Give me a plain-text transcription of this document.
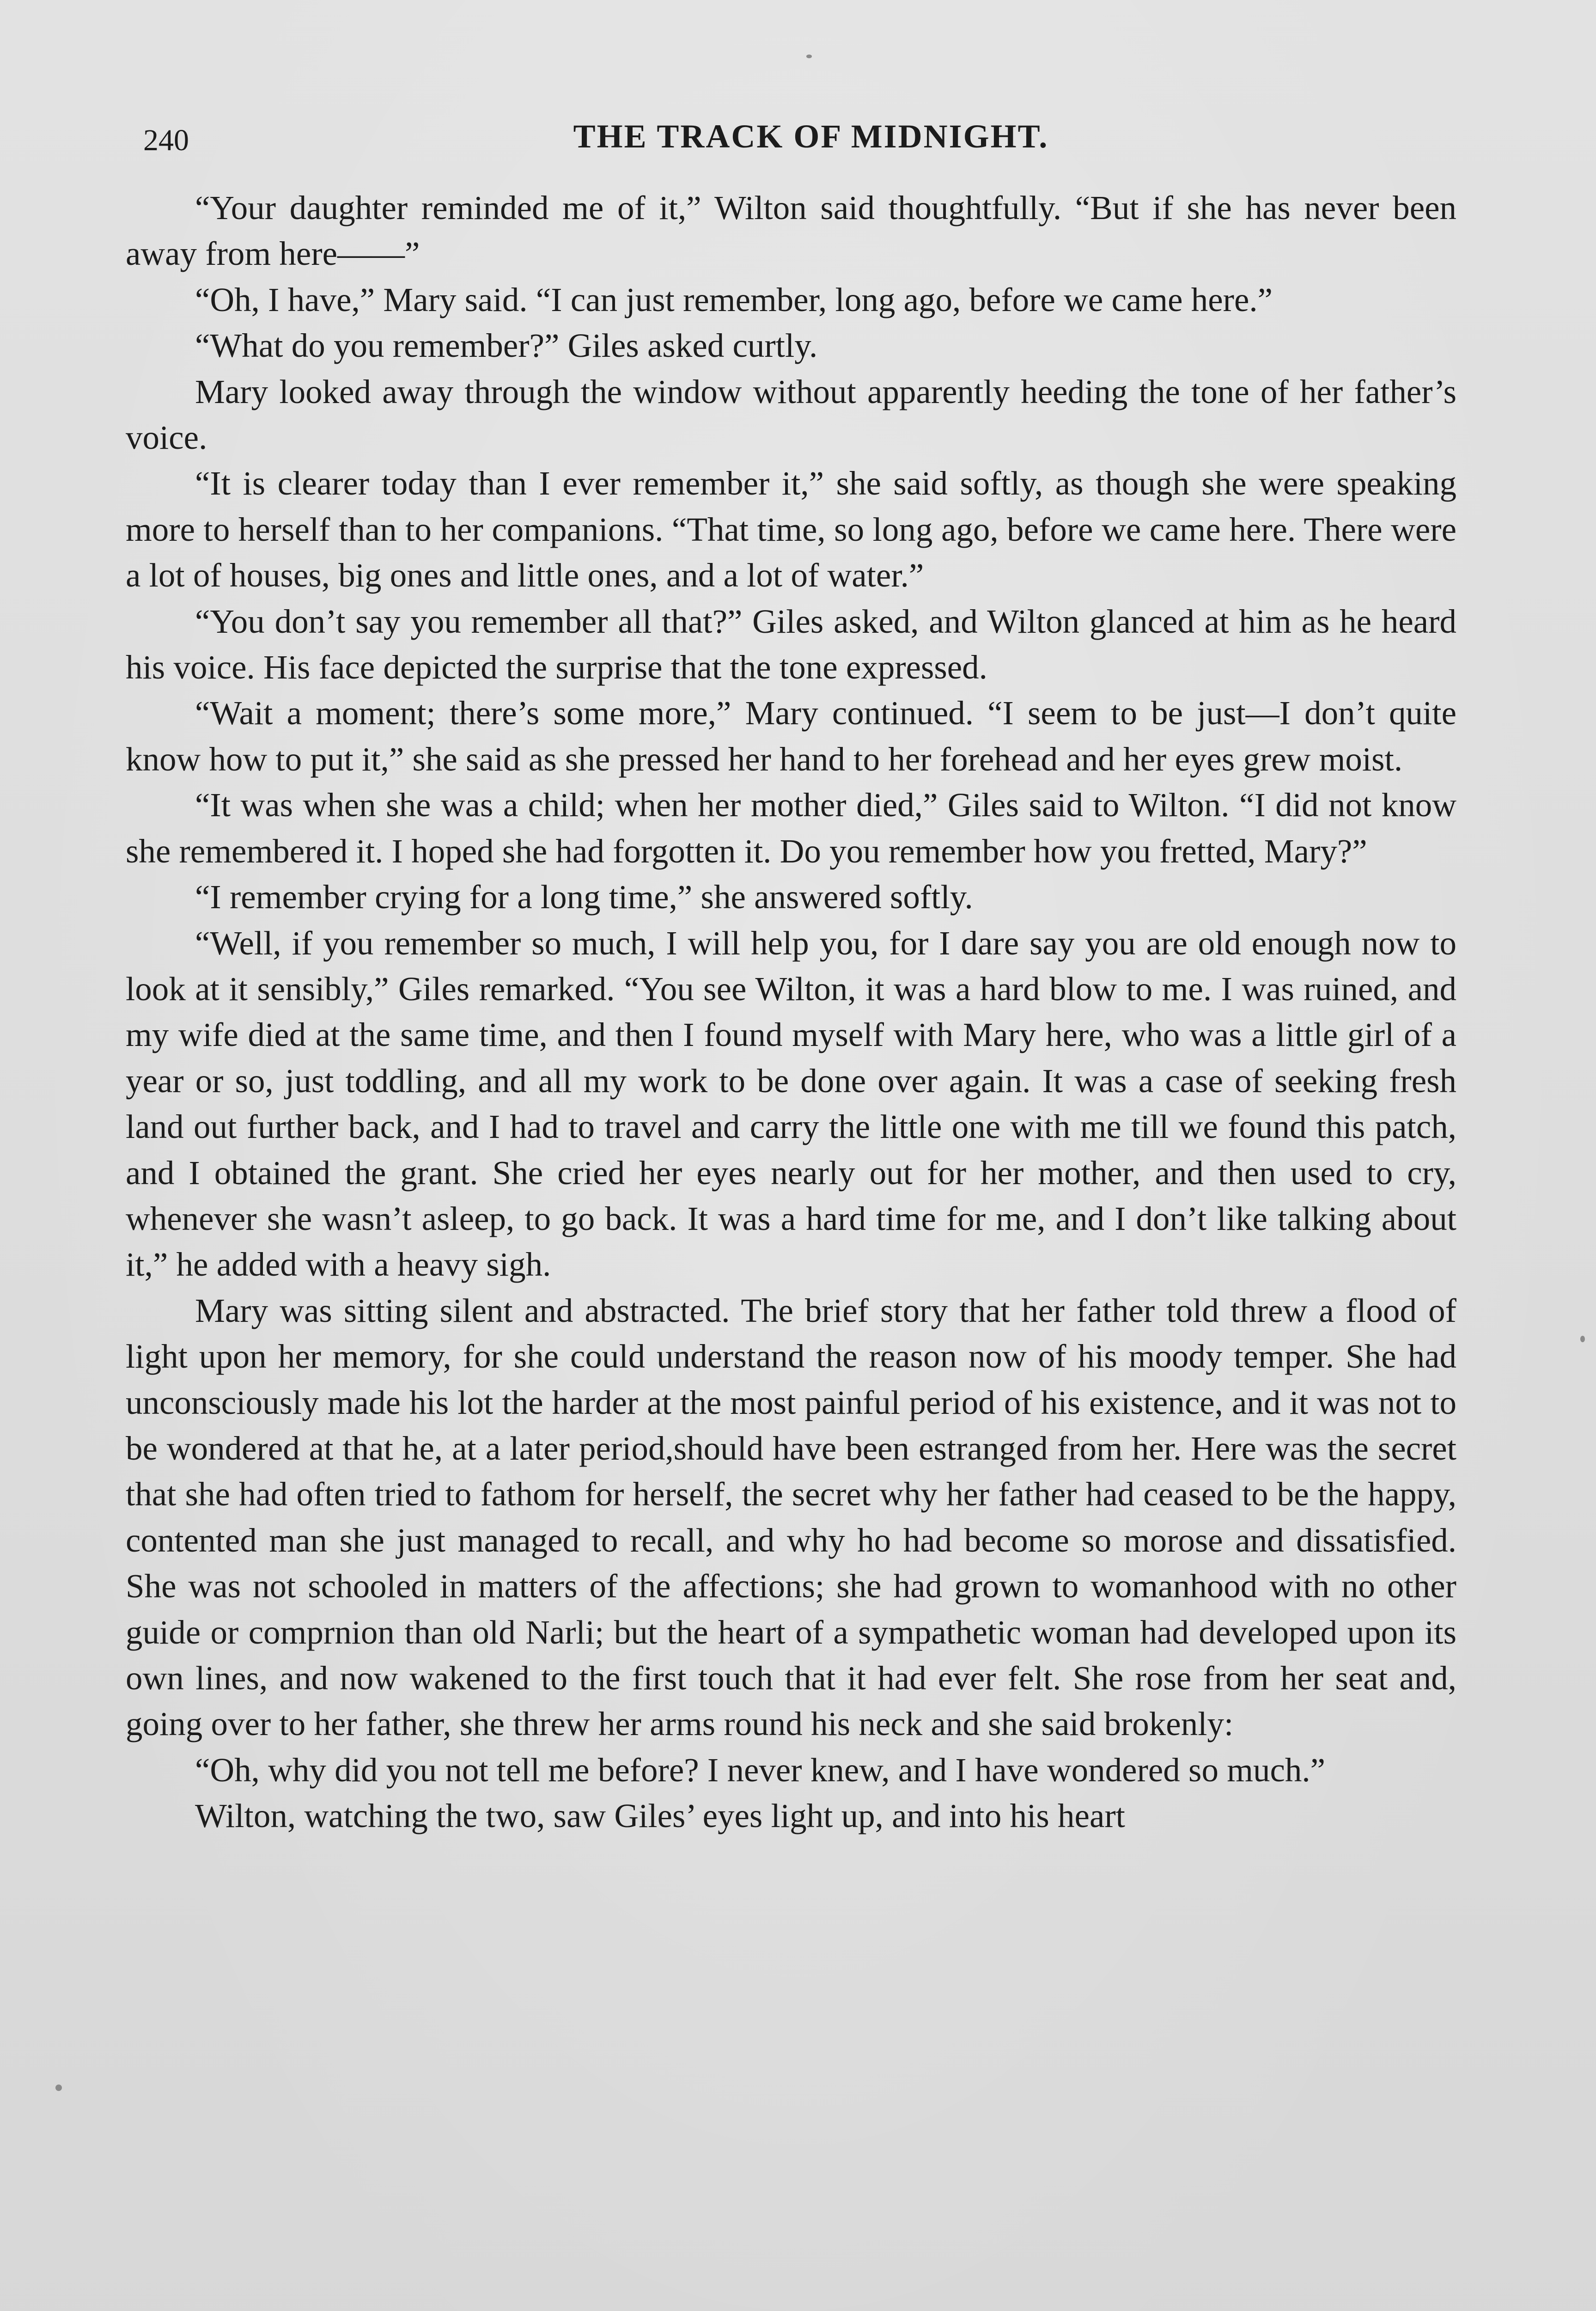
240	THE TRACK OF MIDNIGHT.

“Your daughter reminded me of it,” Wilton said thoughtfully. “But if she has never been away from here——”

“Oh, I have,” Mary said. “I can just remember, long ago, before we came here.”

“What do you remember?” Giles asked curtly.

Mary looked away through the window without apparently heeding the tone of her father’s voice.

“It is clearer today than I ever remember it,” she said softly, as though she were speaking more to herself than to her companions. “That time, so long ago, before we came here. There were a lot of houses, big ones and little ones, and a lot of water.”

“You don’t say you remember all that?” Giles asked, and Wilton glanced at him as he heard his voice. His face depicted the surprise that the tone expressed.

“Wait a moment; there’s some more,” Mary continued. “I seem to be just—I don’t quite know how to put it,” she said as she pressed her hand to her forehead and her eyes grew moist.

“It was when she was a child; when her mother died,” Giles said to Wilton. “I did not know she remembered it. I hoped she had forgotten it. Do you remember how you fretted, Mary?”

“I remember crying for a long time,” she answered softly.

“Well, if you remember so much, I will help you, for I dare say you are old enough now to look at it sensibly,” Giles remarked. “You see Wilton, it was a hard blow to me. I was ruined, and my wife died at the same time, and then I found myself with Mary here, who was a little girl of a year or so, just toddling, and all my work to be done over again. It was a case of seeking fresh land out further back, and I had to travel and carry the little one with me till we found this patch, and I obtained the grant. She cried her eyes nearly out for her mother, and then used to cry, whenever she wasn’t asleep, to go back. It was a hard time for me, and I don’t like talking about it,” he added with a heavy sigh.

Mary was sitting silent and abstracted. The brief story that her father told threw a flood of light upon her memory, for she could understand the reason now of his moody temper. She had unconsciously made his lot the harder at the most painful period of his existence, and it was not to be wondered at that he, at a later period,should have been estranged from her. Here was the secret that she had often tried to fathom for herself, the secret why her father had ceased to be the happy, contented man she just managed to recall, and why ho had become so morose and dissatisfied. She was not schooled in matters of the affections; she had grown to womanhood with no other guide or comprnion than old Narli; but the heart of a sympathetic woman had developed upon its own lines, and now wakened to the first touch that it had ever felt. She rose from her seat and, going over to her father, she threw her arms round his neck and she said brokenly:

“Oh, why did you not tell me before? I never knew, and I have wondered so much.”

Wilton, watching the two, saw Giles’ eyes light up, and into his heart
